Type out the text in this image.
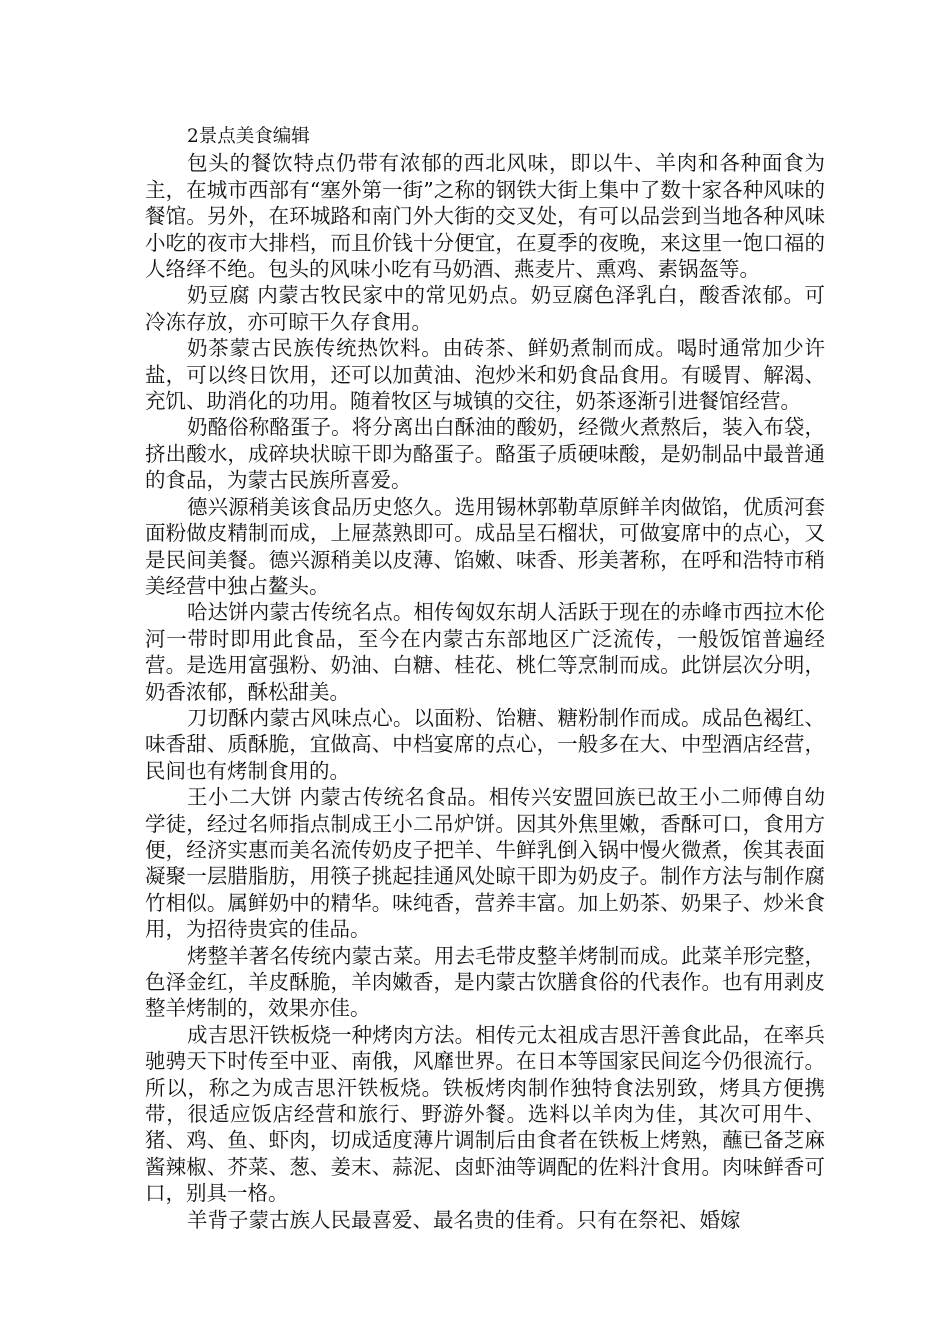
2景点美食编辑

包头的餐饮特点仍带有浓郁的西北风味，即以牛、羊肉和各种面食为主，在城市西部有“塞外第一街”之称的钢铁大街上集中了数十家各种风味的餐馆。另外，在环城路和南门外大街的交叉处，有可以品尝到当地各种风味小吃的夜市大排档，而且价钱十分便宜，在夏季的夜晚，来这里一饱口福的人络绎不绝。包头的风味小吃有马奶酒、燕麦片、熏鸡、素锅盔等。

奶豆腐 内蒙古牧民家中的常见奶点。奶豆腐色泽乳白，酸香浓郁。可冷冻存放，亦可晾干久存食用。

奶茶蒙古民族传统热饮料。由砖茶、鲜奶煮制而成。喝时通常加少许盐，可以终日饮用，还可以加黄油、泡炒米和奶食品食用。有暖胃、解渴、充饥、助消化的功用。随着牧区与城镇的交往，奶茶逐渐引进餐馆经营。

奶酪俗称酪蛋子。将分离出白酥油的酸奶，经微火煮熬后，装入布袋，挤出酸水，成碎块状晾干即为酪蛋子。酪蛋子质硬味酸，是奶制品中最普通的食品，为蒙古民族所喜爱。

德兴源稍美该食品历史悠久。选用锡林郭勒草原鲜羊肉做馅，优质河套面粉做皮精制而成，上屉蒸熟即可。成品呈石榴状，可做宴席中的点心，又是民间美餐。德兴源稍美以皮薄、馅嫩、味香、形美著称，在呼和浩特市稍美经营中独占鳌头。

哈达饼内蒙古传统名点。相传匈奴东胡人活跃于现在的赤峰市西拉木伦河一带时即用此食品，至今在内蒙古东部地区广泛流传，一般饭馆普遍经营。是选用富强粉、奶油、白糖、桂花、桃仁等烹制而成。此饼层次分明，奶香浓郁，酥松甜美。

刀切酥内蒙古风味点心。以面粉、饴糖、糖粉制作而成。成品色褐红、味香甜、质酥脆，宜做高、中档宴席的点心，一般多在大、中型酒店经营，民间也有烤制食用的。

王小二大饼 内蒙古传统名食品。相传兴安盟回族已故王小二师傅自幼学徒，经过名师指点制成王小二吊炉饼。因其外焦里嫩，香酥可口，食用方便，经济实惠而美名流传奶皮子把羊、牛鲜乳倒入锅中慢火微煮，俟其表面凝聚一层腊脂肪，用筷子挑起挂通风处晾干即为奶皮子。制作方法与制作腐竹相似。属鲜奶中的精华。味纯香，营养丰富。加上奶茶、奶果子、炒米食用，为招待贵宾的佳品。

烤整羊著名传统内蒙古菜。用去毛带皮整羊烤制而成。此菜羊形完整，色泽金红，羊皮酥脆，羊肉嫩香，是内蒙古饮膳食俗的代表作。也有用剥皮整羊烤制的，效果亦佳。

成吉思汗铁板烧一种烤肉方法。相传元太祖成吉思汗善食此品，在率兵驰骋天下时传至中亚、南俄，风靡世界。在日本等国家民间迄今仍很流行。所以，称之为成吉思汗铁板烧。铁板烤肉制作独特食法别致，烤具方便携带，很适应饭店经营和旅行、野游外餐。选料以羊肉为佳，其次可用牛、猪、鸡、鱼、虾肉，切成适度薄片调制后由食者在铁板上烤熟，蘸已备芝麻酱辣椒、芥菜、葱、姜末、蒜泥、卤虾油等调配的佐料汁食用。肉味鲜香可口，别具一格。

羊背子蒙古族人民最喜爱、最名贵的佳肴。只有在祭祀、婚嫁
